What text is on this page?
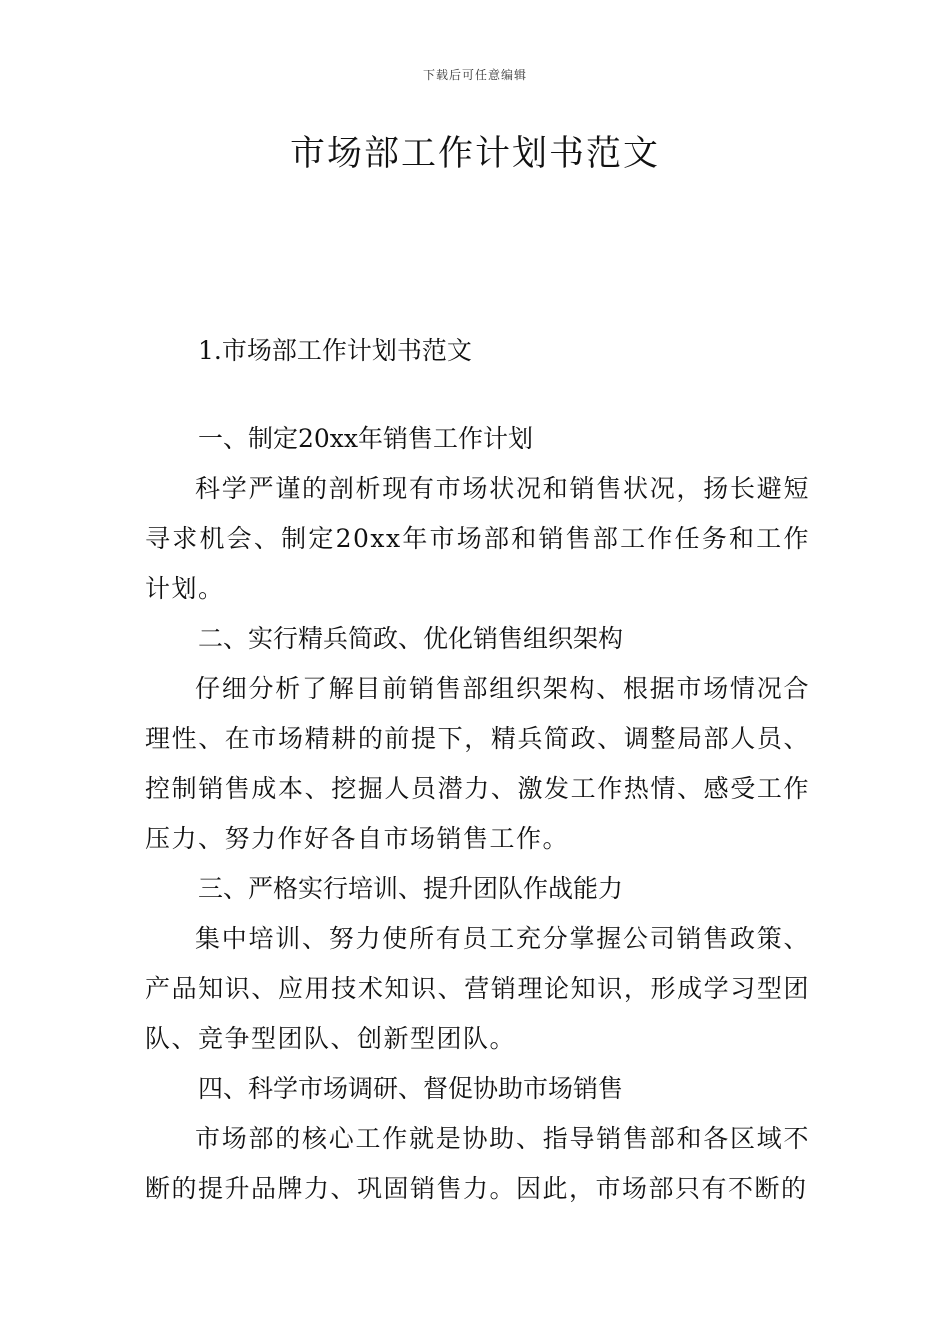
下载后可任意编辑
市场部工作计划书范文

1.市场部工作计划书范文

一、制定20xx年销售工作计划

科学严谨的剖析现有市场状况和销售状况，扬长避短寻求机会、制定20xx年市场部和销售部工作任务和工作计划。

二、实行精兵简政、优化销售组织架构

仔细分析了解目前销售部组织架构、根据市场情况合理性、在市场精耕的前提下，精兵简政、调整局部人员、控制销售成本、挖掘人员潜力、激发工作热情、感受工作压力、努力作好各自市场销售工作。

三、严格实行培训、提升团队作战能力

集中培训、努力使所有员工充分掌握公司销售政策、产品知识、应用技术知识、营销理论知识，形成学习型团队、竞争型团队、创新型团队。

四、科学市场调研、督促协助市场销售

市场部的核心工作就是协助、指导销售部和各区域不断的提升品牌力、巩固销售力。因此，市场部只有不断的
